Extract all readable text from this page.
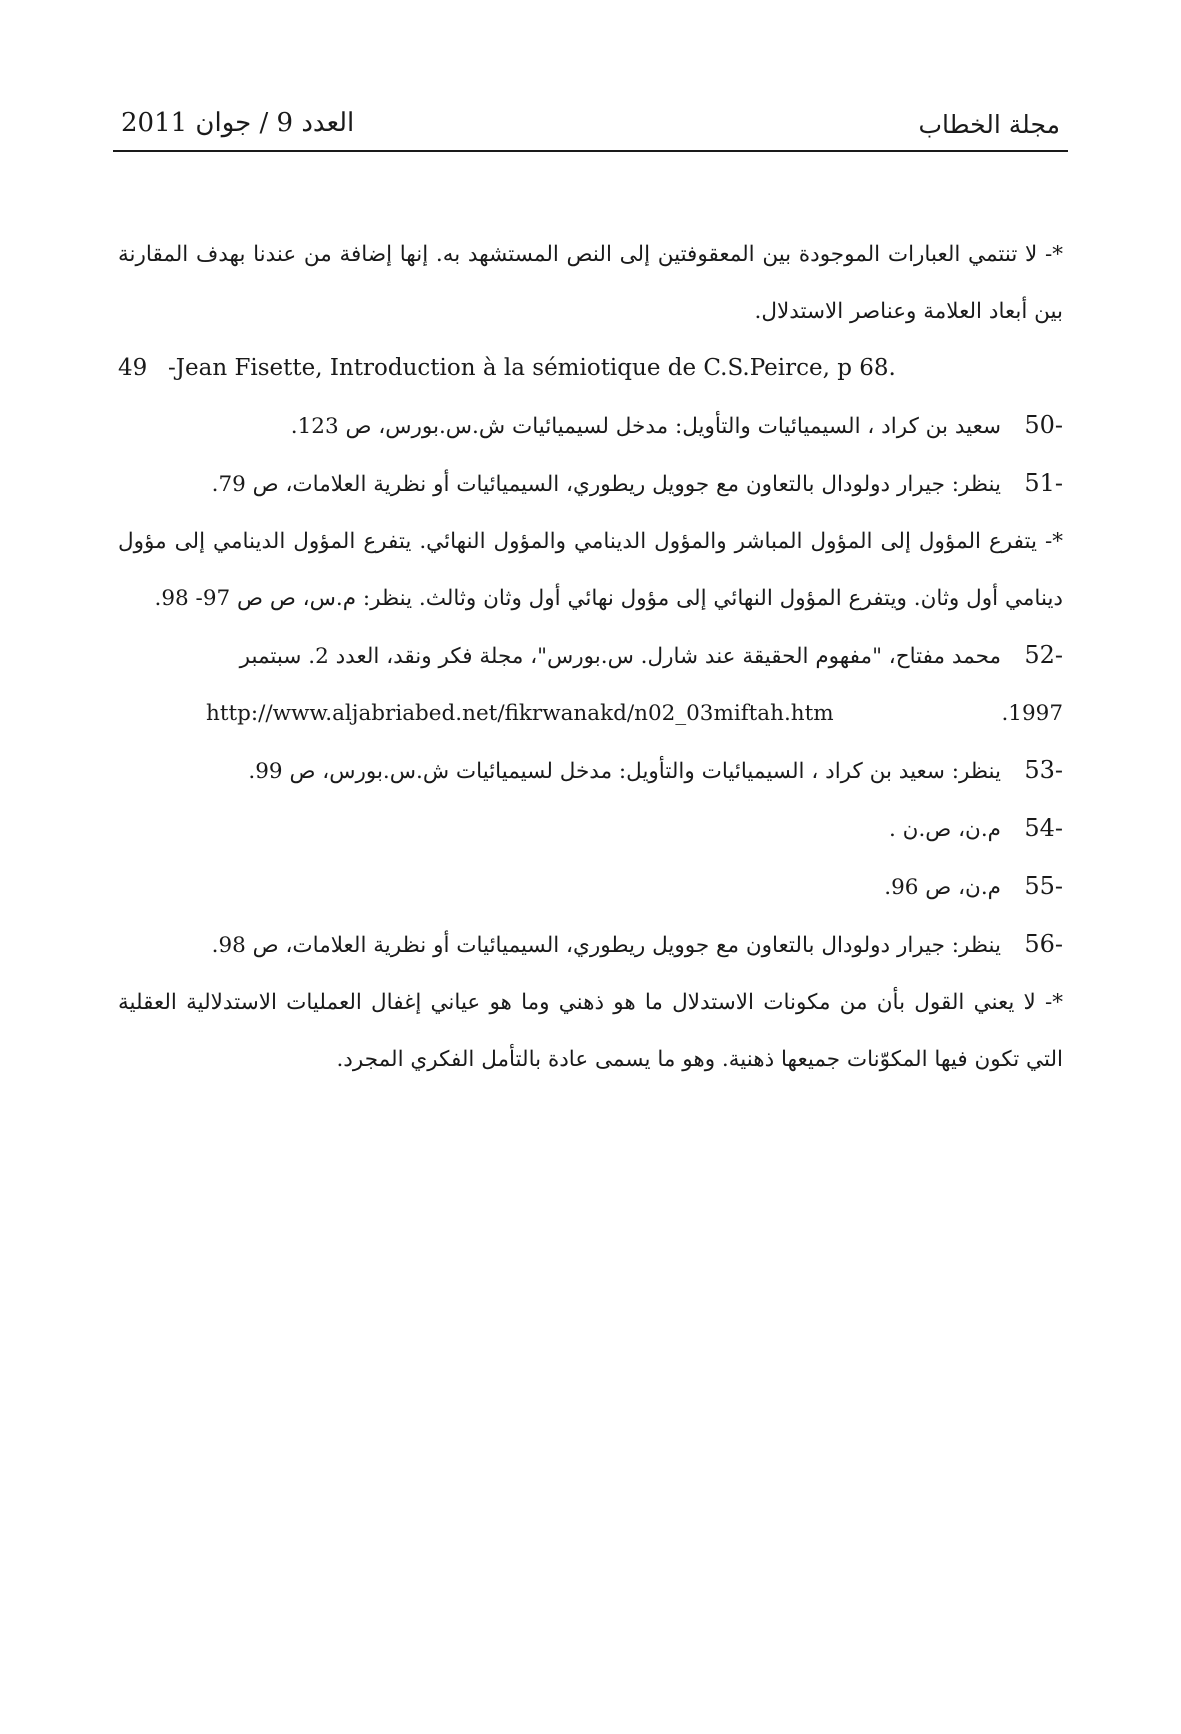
مجلة الخطاب
العدد 9 / جوان 2011
*- لا تنتمي العبارات الموجودة بين المعقوفتين إلى النص المستشهد به. إنها إضافة من عندنا بهدف المقارنة بين أبعاد العلامة وعناصر الاستدلال.
49 -Jean Fisette, Introduction à la sémiotique de C.S.Peirce, p 68.
-50
سعيد بن كراد ، السيميائيات والتأويل: مدخل لسيميائيات ش.س.بورس، ص 123.
-51
ينظر: جيرار دولودال بالتعاون مع جوويل ريطوري، السيميائيات أو نظرية العلامات، ص 79.
*- يتفرع المؤول إلى المؤول المباشر والمؤول الدينامي والمؤول النهائي. يتفرع المؤول الدينامي إلى مؤول دينامي أول وثان. ويتفرع المؤول النهائي إلى مؤول نهائي أول وثان وثالث. ينظر: م.س، ص ص 97- 98.
-52
محمد مفتاح، "مفهوم الحقيقة عند شارل. س.بورس"، مجلة فكر ونقد، العدد 2. سبتمبر
http://www.aljabriabed.net/fikrwanakd/n02_03miftah.htm	1997.
-53
ينظر: سعيد بن كراد ، السيميائيات والتأويل: مدخل لسيميائيات ش.س.بورس، ص 99.
-54
م.ن، ص.ن .
-55
م.ن، ص 96.
-56
ينظر: جيرار دولودال بالتعاون مع جوويل ريطوري، السيميائيات أو نظرية العلامات، ص 98.
*- لا يعني القول بأن من مكونات الاستدلال ما هو ذهني وما هو عياني إغفال العمليات الاستدلالية العقلية التي تكون فيها المكوّنات جميعها ذهنية. وهو ما يسمى عادة بالتأمل الفكري المجرد.
